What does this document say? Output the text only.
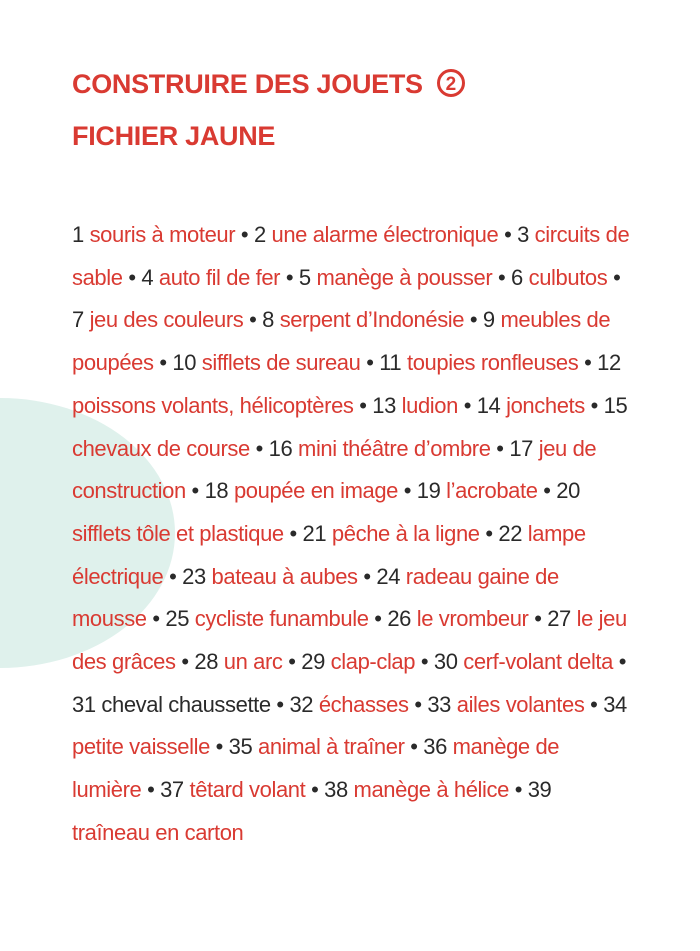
CONSTRUIRE DES JOUETS 2
FICHIER JAUNE
1 souris à moteur • 2 une alarme électronique • 3 circuits de sable • 4 auto fil de fer • 5 manège à pousser • 6 culbutos • 7 jeu des couleurs • 8 serpent d’Indonésie • 9 meubles de poupées • 10 sifflets de sureau • 11 toupies ronfleuses • 12 poissons volants, hélicoptères • 13 ludion • 14 jonchets • 15 chevaux de course • 16 mini théâtre d’ombre • 17 jeu de construction • 18 poupée en image • 19 l’acrobate • 20 sifflets tôle et plastique • 21 pêche à la ligne • 22 lampe électrique • 23 bateau à aubes • 24 radeau gaine de mousse • 25 cycliste funambule • 26 le vrombeur • 27 le jeu des grâces • 28 un arc • 29 clap-clap • 30 cerf-volant delta • 31 cheval chaussette • 32 échasses • 33 ailes volantes • 34 petite vaisselle • 35 animal à traîner • 36 manège de lumière • 37 têtard volant • 38 manège à hélice • 39 traîneau en carton
